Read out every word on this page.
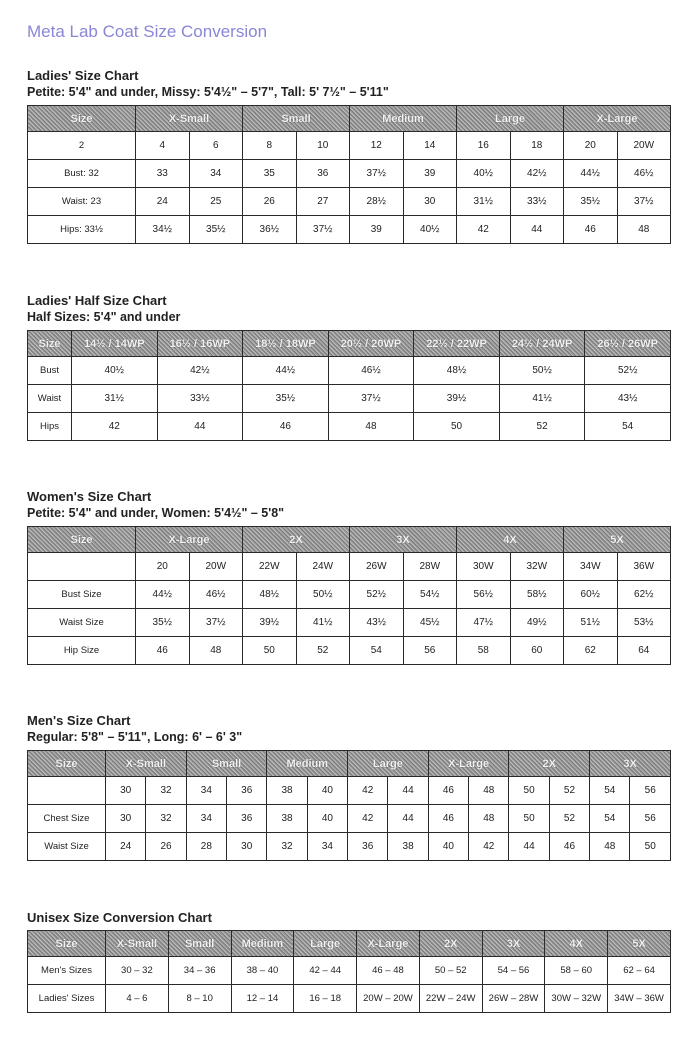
Meta Lab Coat Size Conversion
Ladies' Size Chart
Petite: 5'4" and under, Missy: 5'4½" – 5'7", Tall: 5' 7½" – 5'11"
Size	X-Small		Small		Medium		Large		X-Large	
2	4	6	8	10	12	14	16	18	20	20W
Bust: 32	33	34	35	36	37½	39	40½	42½	44½	46½
Waist: 23	24	25	26	27	28½	30	31½	33½	35½	37½
Hips: 33½	34½	35½	36½	37½	39	40½	42	44	46	48
Ladies' Half Size Chart
Half Sizes: 5'4" and under
Size	14½ / 14WP	16½ / 16WP	18½ / 18WP	20½ / 20WP	22½ / 22WP	24½ / 24WP	26½ / 26WP
Bust	40½	42½	44½	46½	48½	50½	52½
Waist	31½	33½	35½	37½	39½	41½	43½
Hips	42	44	46	48	50	52	54
Women's Size Chart
Petite: 5'4" and under, Women: 5'4½" – 5'8"
Size	X-Large		2X		3X		4X		5X	
	20	20W	22W	24W	26W	28W	30W	32W	34W	36W
Bust Size	44½	46½	48½	50½	52½	54½	56½	58½	60½	62½
Waist Size	35½	37½	39½	41½	43½	45½	47½	49½	51½	53½
Hip Size	46	48	50	52	54	56	58	60	62	64
Men's Size Chart
Regular: 5'8" – 5'11", Long: 6' – 6' 3"
Size	X-Small		Small		Medium		Large		X-Large		2X		3X	
	30	32	34	36	38	40	42	44	46	48	50	52	54	56
Chest Size	30	32	34	36	38	40	42	44	46	48	50	52	54	56
Waist Size	24	26	28	30	32	34	36	38	40	42	44	46	48	50
Unisex Size Conversion Chart
Size	X-Small	Small	Medium	Large	X-Large	2X	3X	4X	5X
Men's Sizes	30 – 32	34 – 36	38 – 40	42 – 44	46 – 48	50 – 52	54 – 56	58 – 60	62 – 64
Ladies' Sizes	4 – 6	8 – 10	12 – 14	16 – 18	20W – 20W	22W – 24W	26W – 28W	30W – 32W	34W – 36W
